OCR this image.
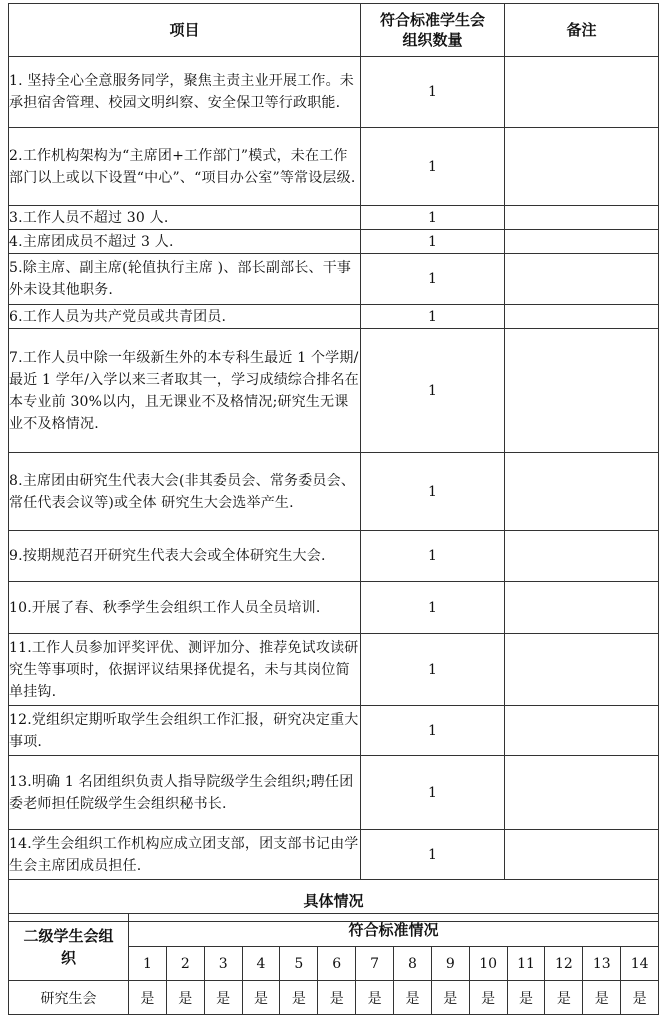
项目	符合标准学生会组织数量	备注
1. 坚持全心全意服务同学，聚焦主责主业开展工作。未承担宿舍管理、校园文明纠察、安全保卫等行政职能.	1	
2.工作机构架构为“主席团+工作部门”模式，未在工作部门以上或以下设置“中心”、“项目办公室”等常设层级.	1	
3.工作人员不超过 30 人.	1	
4.主席团成员不超过 3 人.	1	
5.除主席、副主席(轮值执行主席 )、部长副部长、干事外未设其他职务.	1	
6.工作人员为共产党员或共青团员.	1	
7.工作人员中除一年级新生外的本专科生最近 1 个学期/最近 1 学年/入学以来三者取其一，学习成绩综合排名在本专业前 30%以内，且无课业不及格情况;研究生无课业不及格情况.	1	
8.主席团由研究生代表大会(非其委员会、常务委员会、常任代表会议等)或全体 研究生大会选举产生.	1	
9.按期规范召开研究生代表大会或全体研究生大会.	1	
10.开展了春、秋季学生会组织工作人员全员培训.	1	
11.工作人员参加评奖评优、测评加分、推荐免试攻读研究生等事项时，依据评议结果择优提名，未与其岗位简单挂钩.	1	
12.党组织定期听取学生会组织工作汇报，研究决定重大事项.	1	
13.明确 1 名团组织负责人指导院级学生会组织;聘任团委老师担任院级学生会组织秘书长.	1	
14.学生会组织工作机构应成立团支部，团支部书记由学生会主席团成员担任.	1	
具体情况		
二级学生会组织	符合标准情况													
	1	2	3	4	5	6	7	8	9	10	11	12	13	14
研究生会	是	是	是	是	是	是	是	是	是	是	是	是	是	是
